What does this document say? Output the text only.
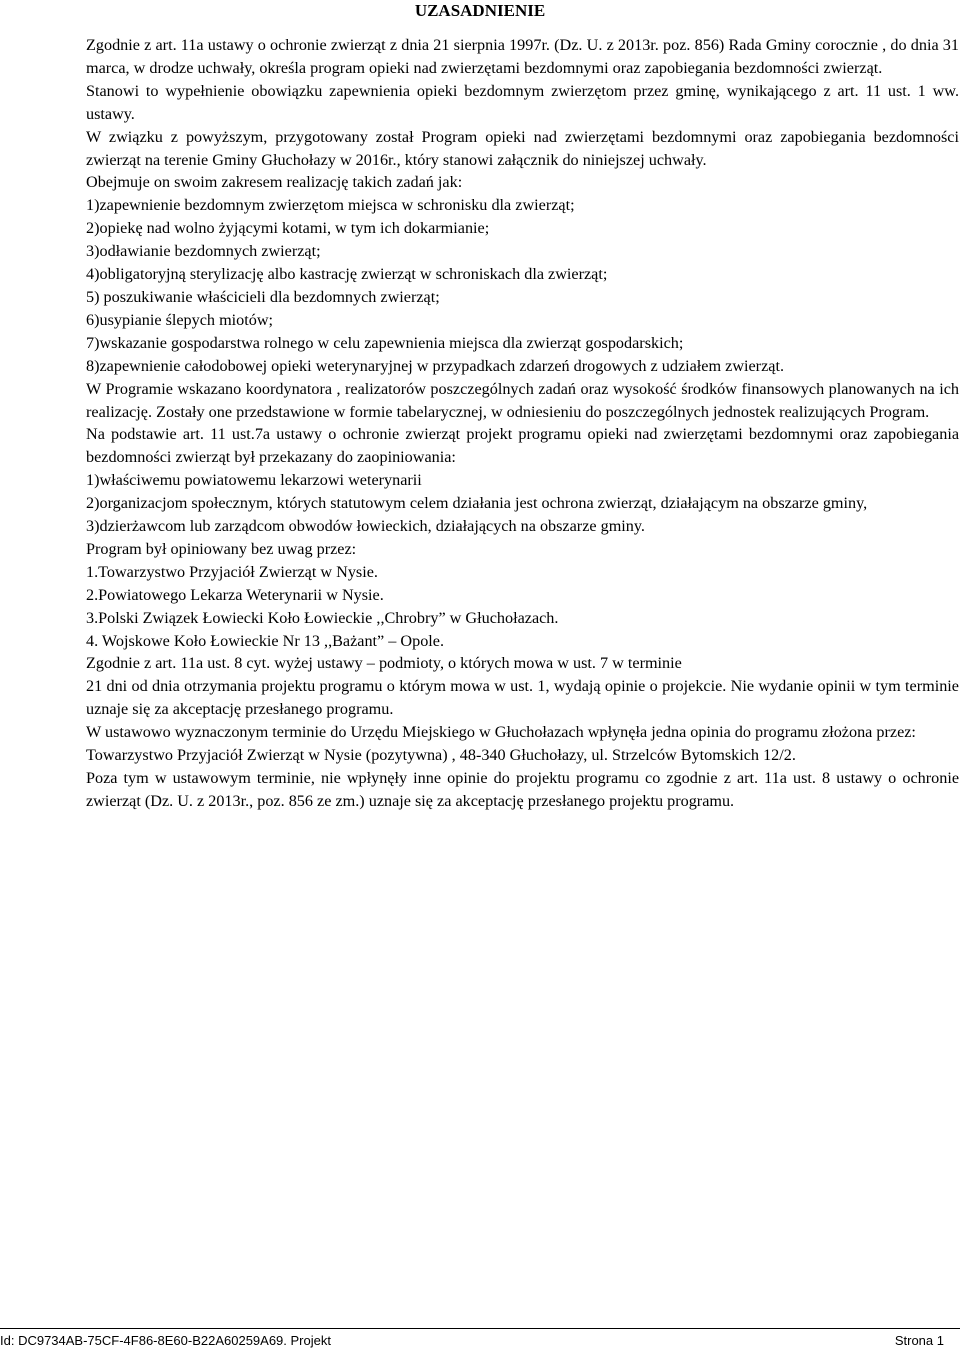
UZASADNIENIE

Zgodnie z art. 11a ustawy o ochronie zwierząt z dnia 21 sierpnia 1997r. (Dz. U. z 2013r. poz. 856) Rada Gminy corocznie , do dnia 31 marca, w drodze uchwały, określa program opieki nad zwierzętami bezdomnymi oraz zapobiegania bezdomności zwierząt.

Stanowi to wypełnienie obowiązku zapewnienia opieki bezdomnym zwierzętom przez gminę, wynikającego z art. 11 ust. 1 ww. ustawy.

W związku z powyższym, przygotowany został Program opieki nad zwierzętami bezdomnymi oraz zapobiegania bezdomności zwierząt na terenie Gminy Głuchołazy w 2016r., który stanowi załącznik do niniejszej uchwały.

Obejmuje on swoim zakresem realizację takich zadań jak:

1)zapewnienie bezdomnym zwierzętom miejsca w schronisku dla zwierząt;

2)opiekę nad wolno żyjącymi kotami, w tym ich dokarmianie;

3)odławianie bezdomnych zwierząt;

4)obligatoryjną sterylizację albo kastrację zwierząt w schroniskach dla zwierząt;

5) poszukiwanie właścicieli dla bezdomnych zwierząt;

6)usypianie ślepych miotów;

7)wskazanie gospodarstwa rolnego w celu zapewnienia miejsca dla zwierząt gospodarskich;

8)zapewnienie całodobowej opieki weterynaryjnej w przypadkach zdarzeń drogowych z udziałem zwierząt.

W Programie wskazano koordynatora , realizatorów poszczególnych zadań oraz wysokość środków finansowych planowanych na ich realizację. Zostały one przedstawione w formie tabelarycznej, w odniesieniu do poszczególnych jednostek realizujących Program.

Na podstawie art. 11 ust.7a ustawy o ochronie zwierząt projekt programu opieki nad zwierzętami bezdomnymi oraz zapobiegania bezdomności zwierząt był przekazany do zaopiniowania:

1)właściwemu powiatowemu lekarzowi weterynarii

2)organizacjom społecznym, których statutowym celem działania jest ochrona zwierząt, działającym na obszarze gminy,

3)dzierżawcom lub zarządcom obwodów łowieckich, działających na obszarze gminy.

Program był opiniowany bez uwag przez:

1.Towarzystwo Przyjaciół Zwierząt w Nysie.

2.Powiatowego Lekarza Weterynarii w Nysie.

3.Polski Związek Łowiecki Koło Łowieckie ,,Chrobry” w Głuchołazach.

4. Wojskowe Koło Łowieckie Nr 13 ,,Bażant” – Opole.

Zgodnie z art. 11a ust. 8 cyt. wyżej ustawy – podmioty, o których mowa w ust. 7 w terminie

21 dni od dnia otrzymania projektu programu o którym mowa w ust. 1, wydają opinie o projekcie. Nie wydanie opinii w tym terminie uznaje się za akceptację przesłanego programu.

W ustawowo wyznaczonym terminie do Urzędu Miejskiego w Głuchołazach wpłynęła jedna opinia do programu złożona przez:

Towarzystwo Przyjaciół Zwierząt w Nysie (pozytywna) , 48-340 Głuchołazy, ul. Strzelców Bytomskich 12/2.

Poza tym w ustawowym terminie, nie wpłynęły inne opinie do projektu programu co zgodnie z art. 11a ust. 8 ustawy o ochronie zwierząt (Dz. U. z 2013r., poz. 856 ze zm.) uznaje się za akceptację przesłanego projektu programu.

Id: DC9734AB-75CF-4F86-8E60-B22A60259A69. Projekt	Strona 1
